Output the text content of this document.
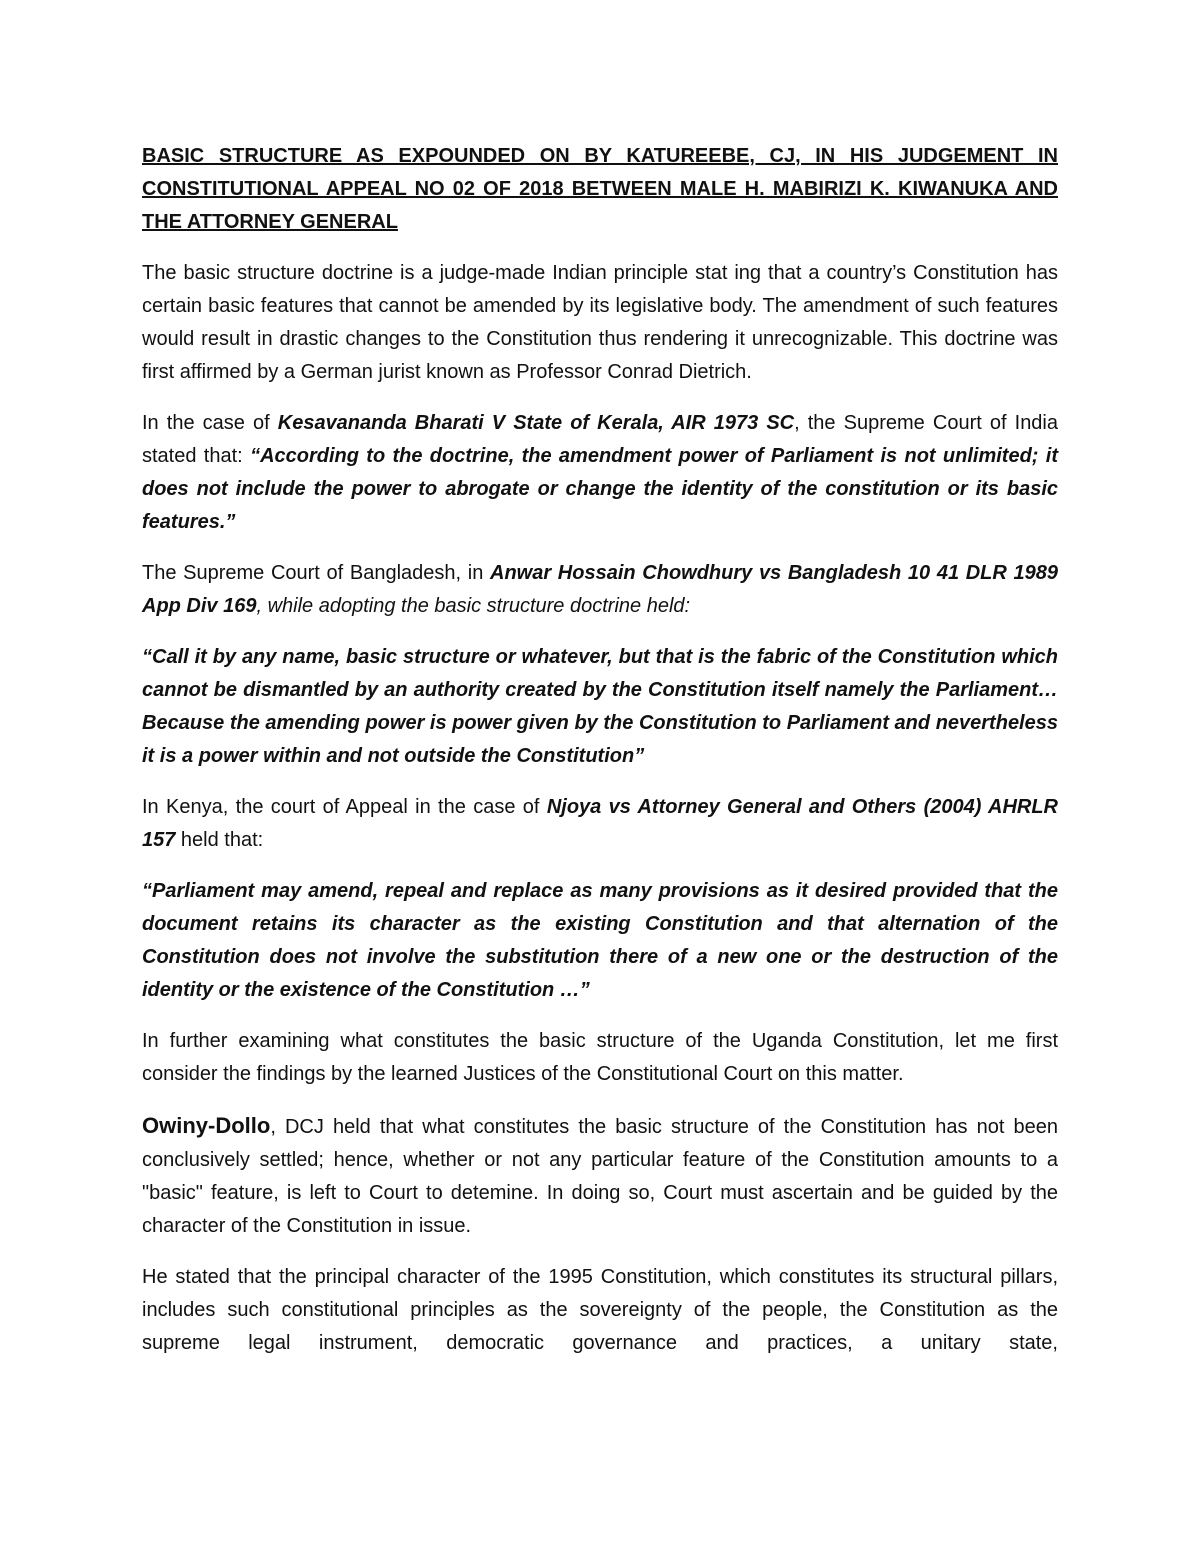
BASIC STRUCTURE AS EXPOUNDED ON BY KATUREEBE, CJ, IN HIS JUDGEMENT IN CONSTITUTIONAL APPEAL NO 02 OF 2018 BETWEEN MALE H. MABIRIZI K. KIWANUKA AND THE ATTORNEY GENERAL

The basic structure doctrine is a judge-made Indian principle stat ing that a country’s Constitution has certain basic features that cannot be amended by its legislative body. The amendment of such features would result in drastic changes to the Constitution thus rendering it unrecognizable. This doctrine was first affirmed by a German jurist known as Professor Conrad Dietrich.

In the case of Kesavananda Bharati V State of Kerala, AIR 1973 SC, the Supreme Court of India stated that: “According to the doctrine, the amendment power of Parliament is not unlimited; it does not include the power to abrogate or change the identity of the constitution or its basic features.”

The Supreme Court of Bangladesh, in Anwar Hossain Chowdhury vs Bangladesh 10 41 DLR 1989 App Div 169, while adopting the basic structure doctrine held:

“Call it by any name, basic structure or whatever, but that is the fabric of the Constitution which cannot be dismantled by an authority created by the Constitution itself namely the Parliament… Because the amending power is power given by the Constitution to Parliament and nevertheless it is a power within and not outside the Constitution”

In Kenya, the court of Appeal in the case of Njoya vs Attorney General and Others (2004) AHRLR 157 held that:

“Parliament may amend, repeal and replace as many provisions as it desired provided that the document retains its character as the existing Constitution and that alternation of the Constitution does not involve the substitution there of a new one or the destruction of the identity or the existence of the Constitution …”

In further examining what constitutes the basic structure of the Uganda Constitution, let me first consider the findings by the learned Justices of the Constitutional Court on this matter.

Owiny-Dollo, DCJ held that what constitutes the basic structure of the Constitution has not been conclusively settled; hence, whether or not any particular feature of the Constitution amounts to a "basic" feature, is left to Court to detemine. In doing so, Court must ascertain and be guided by the character of the Constitution in issue.

He stated that the principal character of the 1995 Constitution, which constitutes its structural pillars, includes such constitutional principles as the sovereignty of the people, the Constitution as the supreme legal instrument, democratic governance and practices, a unitary state,
